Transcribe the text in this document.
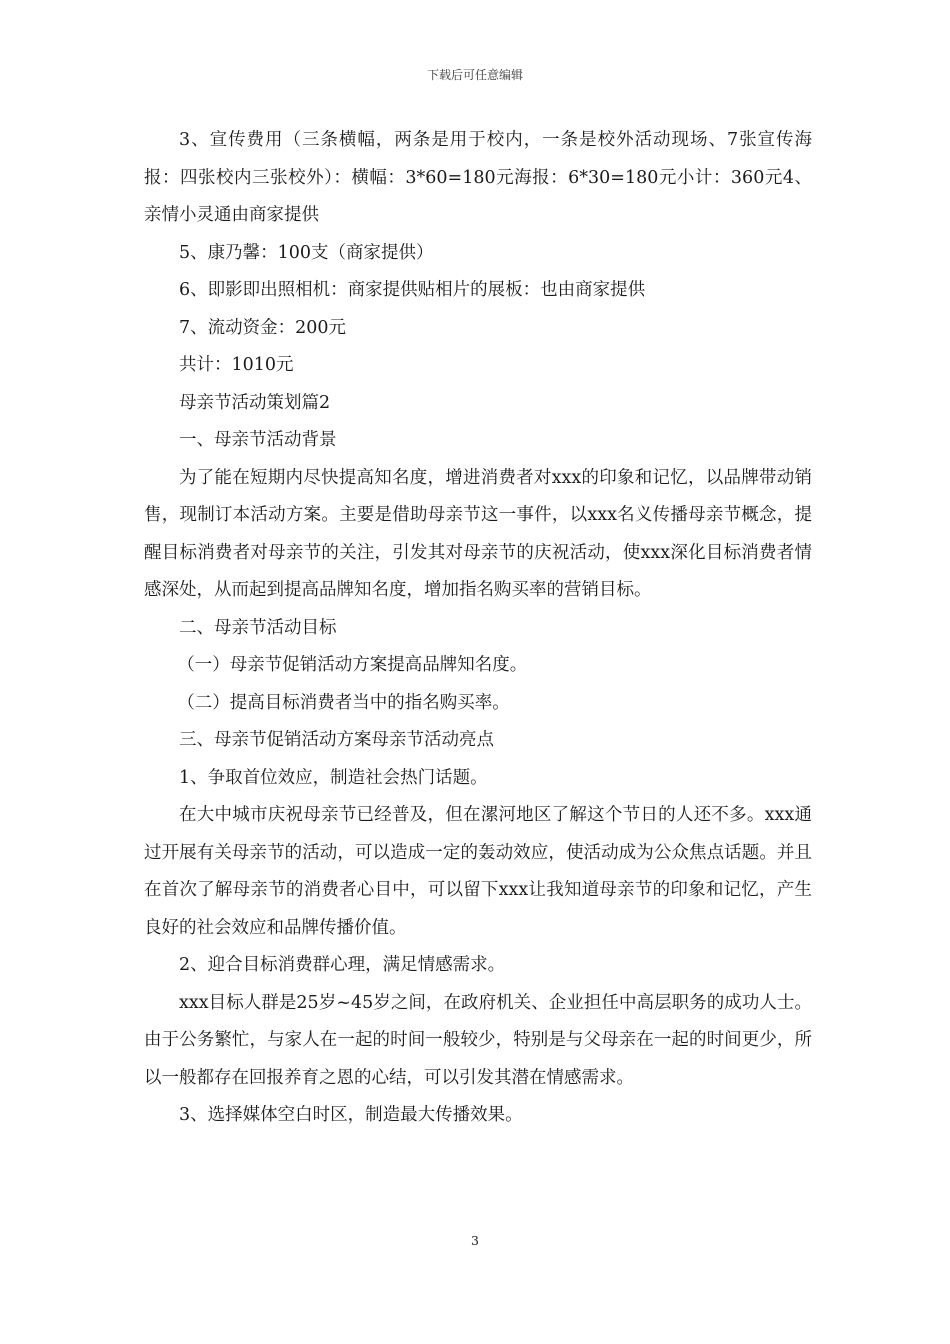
下载后可任意编辑

3、宣传费用（三条横幅，两条是用于校内，一条是校外活动现场、7张宣传海报：四张校内三张校外）：横幅：3*60=180元海报：6*30=180元小计：360元4、亲情小灵通由商家提供

5、康乃馨：100支（商家提供）

6、即影即出照相机：商家提供贴相片的展板：也由商家提供

7、流动资金：200元

共计：1010元

母亲节活动策划篇2

一、母亲节活动背景

为了能在短期内尽快提高知名度，增进消费者对xxx的印象和记忆，以品牌带动销售，现制订本活动方案。主要是借助母亲节这一事件，以xxx名义传播母亲节概念，提醒目标消费者对母亲节的关注，引发其对母亲节的庆祝活动，使xxx深化目标消费者情感深处，从而起到提高品牌知名度，增加指名购买率的营销目标。

二、母亲节活动目标

（一）母亲节促销活动方案提高品牌知名度。

（二）提高目标消费者当中的指名购买率。

三、母亲节促销活动方案母亲节活动亮点

1、争取首位效应，制造社会热门话题。

在大中城市庆祝母亲节已经普及，但在漯河地区了解这个节日的人还不多。xxx通过开展有关母亲节的活动，可以造成一定的轰动效应，使活动成为公众焦点话题。并且在首次了解母亲节的消费者心目中，可以留下xxx让我知道母亲节的印象和记忆，产生良好的社会效应和品牌传播价值。

2、迎合目标消费群心理，满足情感需求。

xxx目标人群是25岁~45岁之间，在政府机关、企业担任中高层职务的成功人士。由于公务繁忙，与家人在一起的时间一般较少，特别是与父母亲在一起的时间更少，所以一般都存在回报养育之恩的心结，可以引发其潜在情感需求。

3、选择媒体空白时区，制造最大传播效果。

3
